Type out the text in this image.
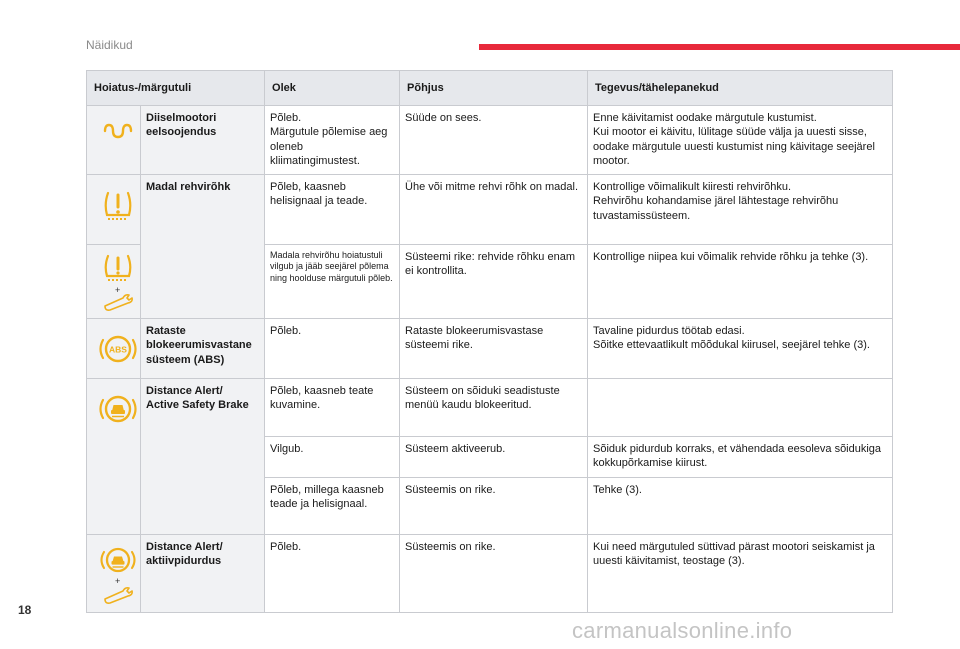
Näidikud
Hoiatus-/märgutuli		Olek	Põhjus	Tegevus/tähelepanekud

	Diiselmootori eelsoojendus	Põleb.
Märgutule põlemise aeg oleneb kliimatingimustest.	Süüde on sees.	Enne käivitamist oodake märgutule kustumist.
Kui mootor ei käivitu, lülitage süüde välja ja uuesti sisse, oodake märgutule uuesti kustumist ning käivitage seejärel mootor.

	Madal rehvirõhk	Põleb, kaasneb helisignaal ja teade.	Ühe või mitme rehvi rõhk on madal.	Kontrollige võimalikult kiiresti rehvirõhku.
Rehvirõhu kohandamise järel lähtestage rehvirõhu tuvastamissüsteem.

+		Madala rehvirõhu hoiatustuli vilgub ja jääb seejärel põlema ning hoolduse märgutuli põleb.	Süsteemi rike: rehvide rõhku enam ei kontrollita.	Kontrollige niipea kui võimalik rehvide rõhku ja tehke (3).

ABS	Rataste blokeerumisvastane süsteem (ABS)	Põleb.	Rataste blokeerumisvastase süsteemi rike.	Tavaline pidurdus töötab edasi.
Sõitke ettevaatlikult mõõdukal kiirusel, seejärel tehke (3).

	Distance Alert/ Active Safety Brake	Põleb, kaasneb teate kuvamine.	Süsteem on sõiduki seadistuste menüü kaudu blokeeritud.	
		Vilgub.	Süsteem aktiveerub.	Sõiduk pidurdub korraks, et vähendada eesoleva sõidukiga kokkupõrkamise kiirust.
		Põleb, millega kaasneb teade ja helisignaal.	Süsteemis on rike.	Tehke (3).

+	Distance Alert/ aktiivpidurdus	Põleb.	Süsteemis on rike.	Kui need märgutuled süttivad pärast mootori seiskamist ja uuesti käivitamist, teostage (3).
18
carmanualsonline.info
